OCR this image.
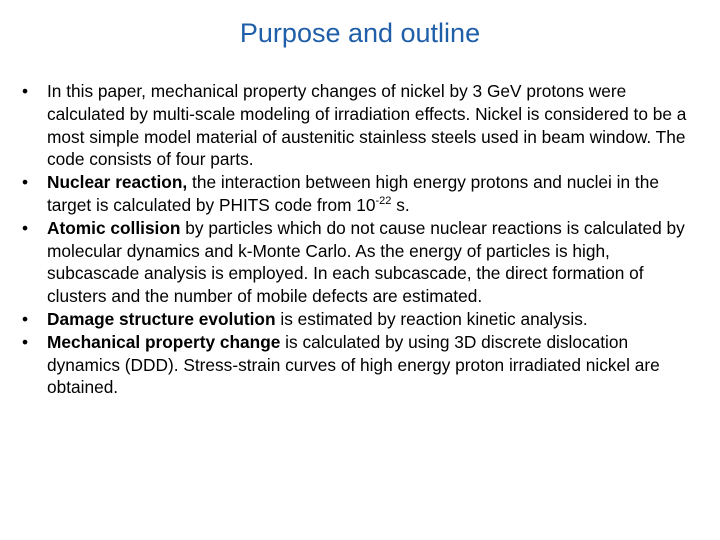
Purpose and outline
•	In this paper, mechanical property changes of nickel by 3 GeV protons were calculated by multi-scale modeling of irradiation effects. Nickel is considered to be a most simple model material of austenitic stainless steels used in beam window. The code consists of four parts.
•	Nuclear reaction, the interaction between high energy protons and nuclei in the target is calculated by PHITS code from $10^{-22}$ s.
•	Atomic collision by particles which do not cause nuclear reactions is calculated by molecular dynamics and k-Monte Carlo. As the energy of particles is high, subcascade analysis is employed. In each subcascade, the direct formation of clusters and the number of mobile defects are estimated.
•	Damage structure evolution is estimated by reaction kinetic analysis.
•	Mechanical property change is calculated by using 3D discrete dislocation dynamics (DDD). Stress-strain curves of high energy proton irradiated nickel are obtained.
